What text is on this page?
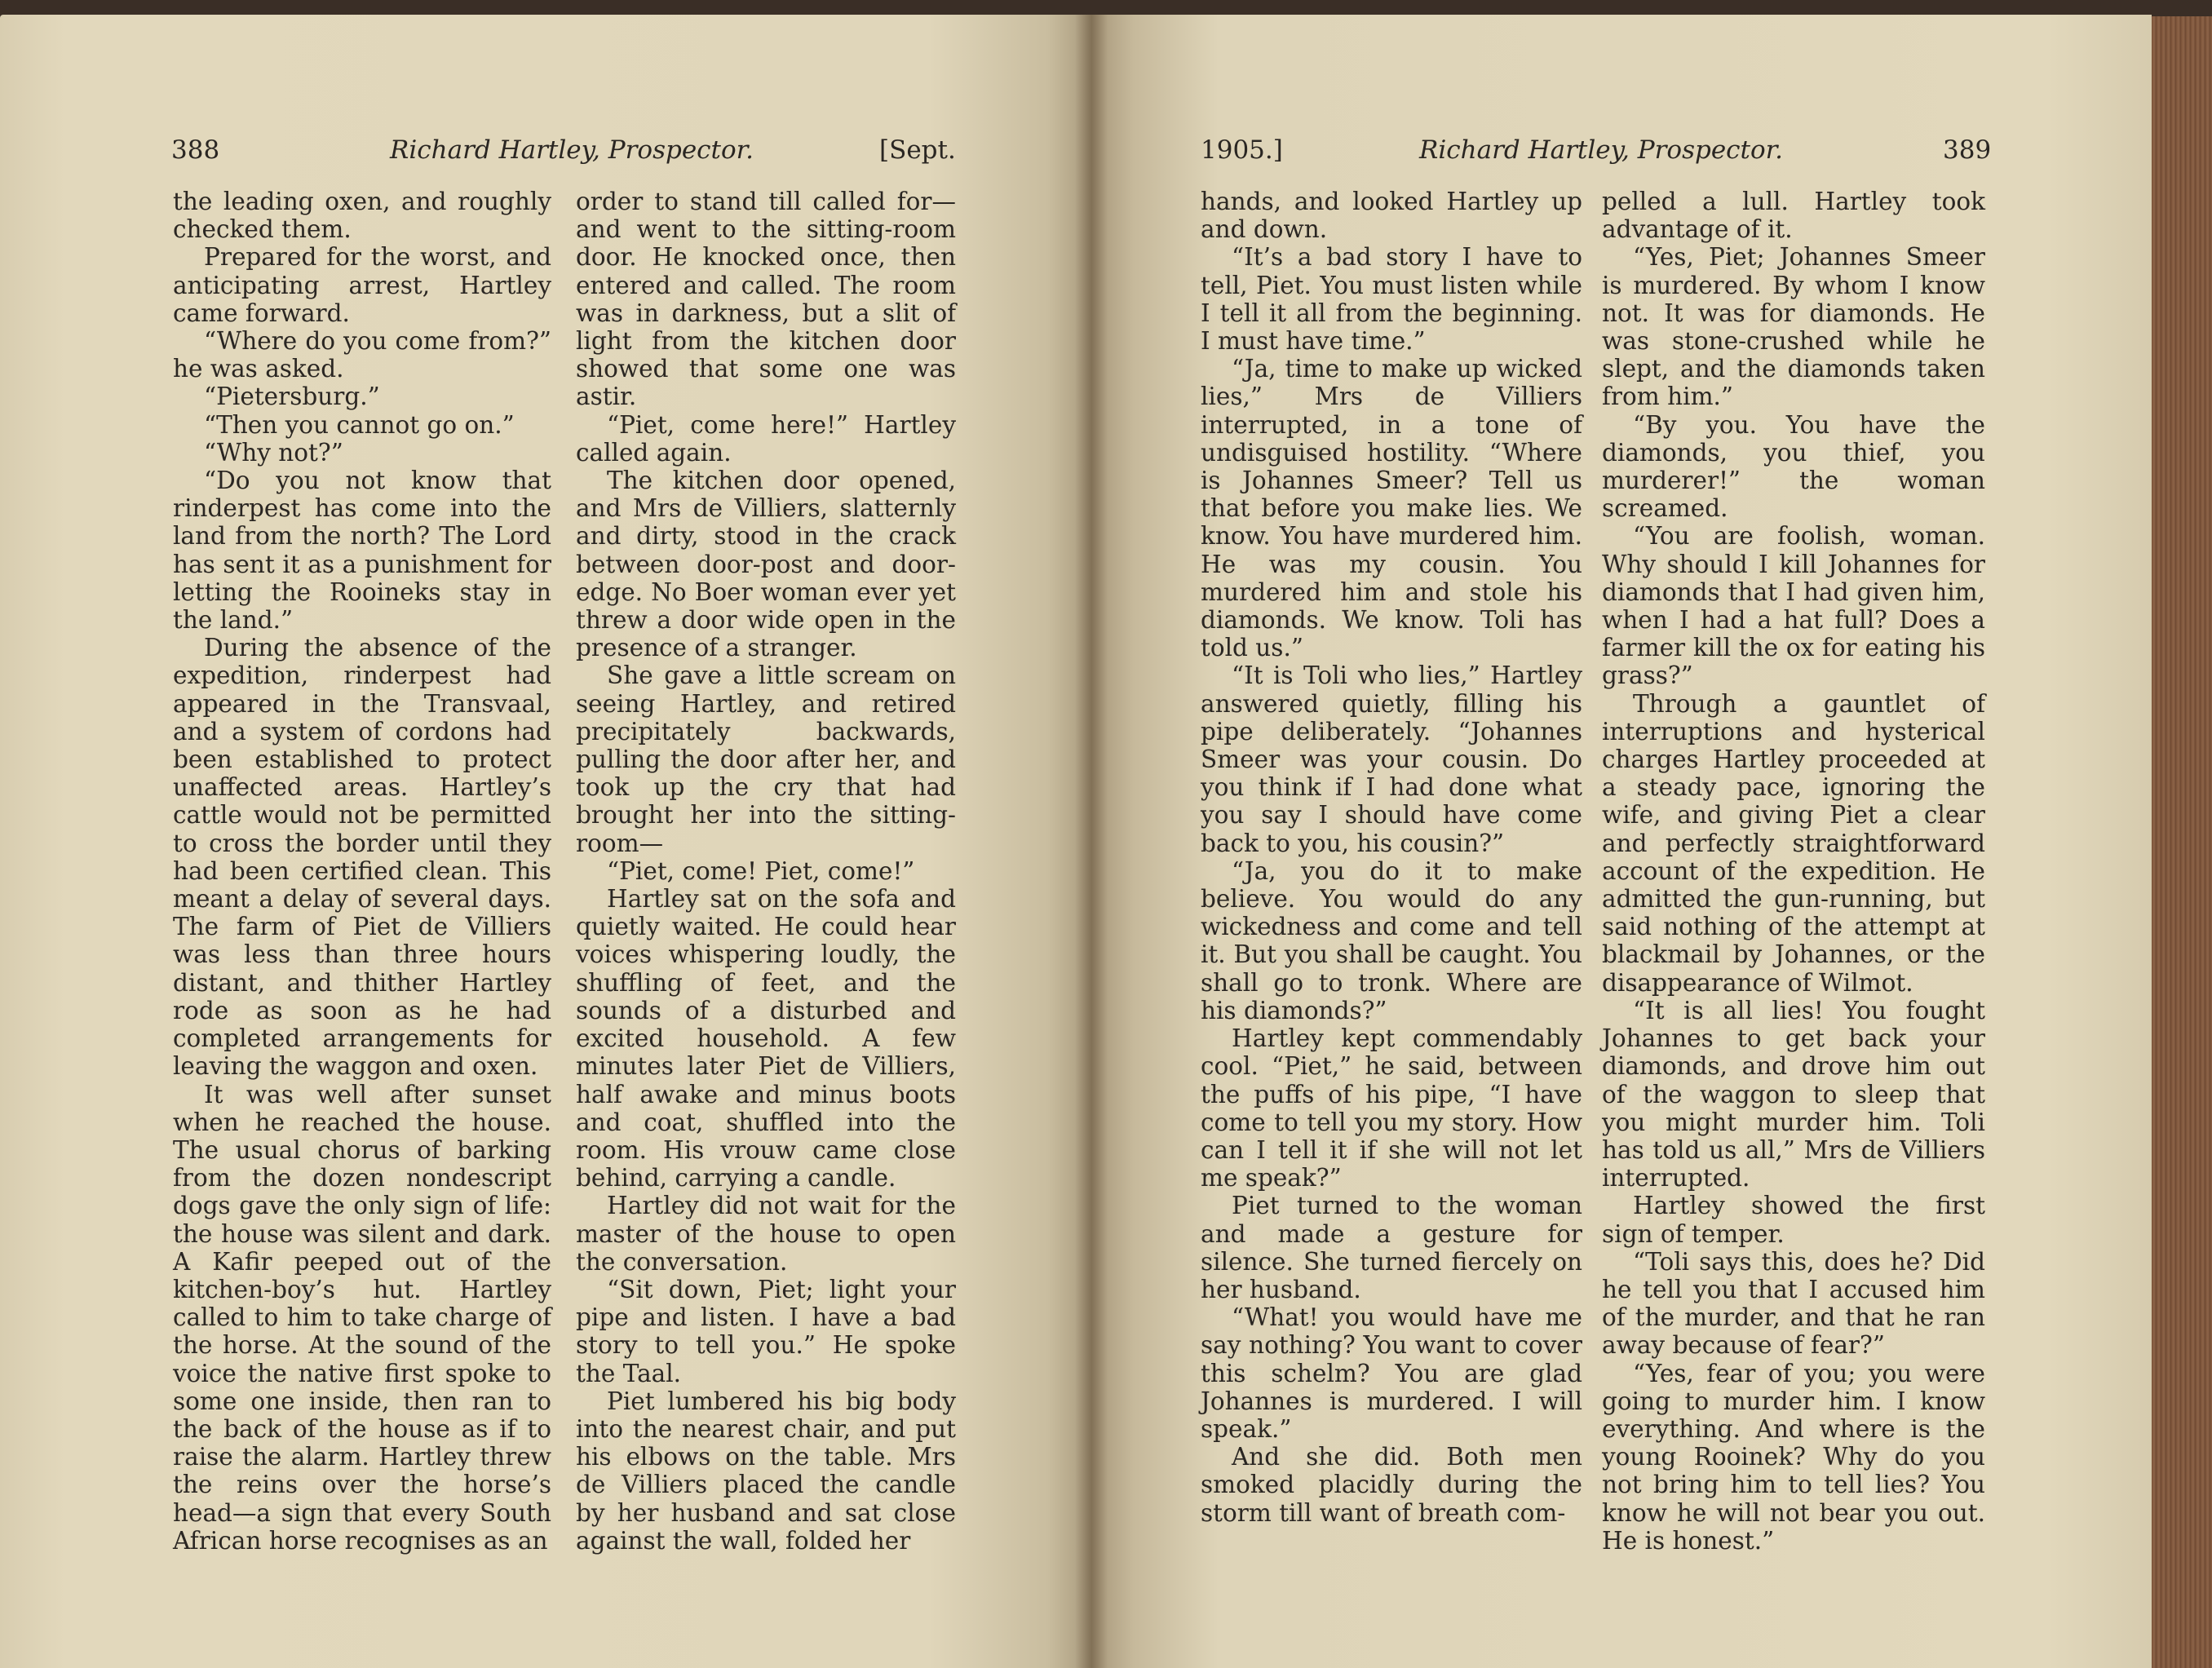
388	Richard Hartley, Prospector.	[Sept.

the leading oxen, and roughly checked them.

Prepared for the worst, and anticipating arrest, Hartley came forward.

“Where do you come from?” he was asked.

“Pietersburg.”

“Then you cannot go on.”

“Why not?”

“Do you not know that rinderpest has come into the land from the north? The Lord has sent it as a punishment for letting the Rooineks stay in the land.”

During the absence of the expedition, rinderpest had appeared in the Transvaal, and a system of cordons had been established to protect unaffected areas. Hartley’s cattle would not be permitted to cross the border until they had been certified clean. This meant a delay of several days. The farm of Piet de Villiers was less than three hours distant, and thither Hartley rode as soon as he had completed arrangements for leaving the waggon and oxen.

It was well after sunset when he reached the house. The usual chorus of barking from the dozen nondescript dogs gave the only sign of life: the house was silent and dark. A Kafir peeped out of the kitchen-boy’s hut. Hartley called to him to take charge of the horse. At the sound of the voice the native first spoke to some one inside, then ran to the back of the house as if to raise the alarm. Hartley threw the reins over the horse’s head—a sign that every South African horse recognises as an

order to stand till called for—and went to the sitting-room door. He knocked once, then entered and called. The room was in darkness, but a slit of light from the kitchen door showed that some one was astir.

“Piet, come here!” Hartley called again.

The kitchen door opened, and Mrs de Villiers, slatternly and dirty, stood in the crack between door-post and door-edge. No Boer woman ever yet threw a door wide open in the presence of a stranger.

She gave a little scream on seeing Hartley, and retired precipitately backwards, pulling the door after her, and took up the cry that had brought her into the sitting-room—

“Piet, come! Piet, come!”

Hartley sat on the sofa and quietly waited. He could hear voices whispering loudly, the shuffling of feet, and the sounds of a disturbed and excited household. A few minutes later Piet de Villiers, half awake and minus boots and coat, shuffled into the room. His vrouw came close behind, carrying a candle.

Hartley did not wait for the master of the house to open the conversation.

“Sit down, Piet; light your pipe and listen. I have a bad story to tell you.” He spoke the Taal.

Piet lumbered his big body into the nearest chair, and put his elbows on the table. Mrs de Villiers placed the candle by her husband and sat close against the wall, folded her

1905.]	Richard Hartley, Prospector.	389

hands, and looked Hartley up and down.

“It’s a bad story I have to tell, Piet. You must listen while I tell it all from the beginning. I must have time.”

“Ja, time to make up wicked lies,” Mrs de Villiers interrupted, in a tone of undisguised hostility. “Where is Johannes Smeer? Tell us that before you make lies. We know. You have murdered him. He was my cousin. You murdered him and stole his diamonds. We know. Toli has told us.”

“It is Toli who lies,” Hartley answered quietly, filling his pipe deliberately. “Johannes Smeer was your cousin. Do you think if I had done what you say I should have come back to you, his cousin?”

“Ja, you do it to make believe. You would do any wickedness and come and tell it. But you shall be caught. You shall go to tronk. Where are his diamonds?”

Hartley kept commendably cool. “Piet,” he said, between the puffs of his pipe, “I have come to tell you my story. How can I tell it if she will not let me speak?”

Piet turned to the woman and made a gesture for silence. She turned fiercely on her husband.

“What! you would have me say nothing? You want to cover this schelm? You are glad Johannes is murdered. I will speak.”

And she did. Both men smoked placidly during the storm till want of breath com-

pelled a lull. Hartley took advantage of it.

“Yes, Piet; Johannes Smeer is murdered. By whom I know not. It was for diamonds. He was stone-crushed while he slept, and the diamonds taken from him.”

“By you. You have the diamonds, you thief, you murderer!” the woman screamed.

“You are foolish, woman. Why should I kill Johannes for diamonds that I had given him, when I had a hat full? Does a farmer kill the ox for eating his grass?”

Through a gauntlet of interruptions and hysterical charges Hartley proceeded at a steady pace, ignoring the wife, and giving Piet a clear and perfectly straightforward account of the expedition. He admitted the gun-running, but said nothing of the attempt at blackmail by Johannes, or the disappearance of Wilmot.

“It is all lies! You fought Johannes to get back your diamonds, and drove him out of the waggon to sleep that you might murder him. Toli has told us all,” Mrs de Villiers interrupted.

Hartley showed the first sign of temper.

“Toli says this, does he? Did he tell you that I accused him of the murder, and that he ran away because of fear?”

“Yes, fear of you; you were going to murder him. I know everything. And where is the young Rooinek? Why do you not bring him to tell lies? You know he will not bear you out. He is honest.”
